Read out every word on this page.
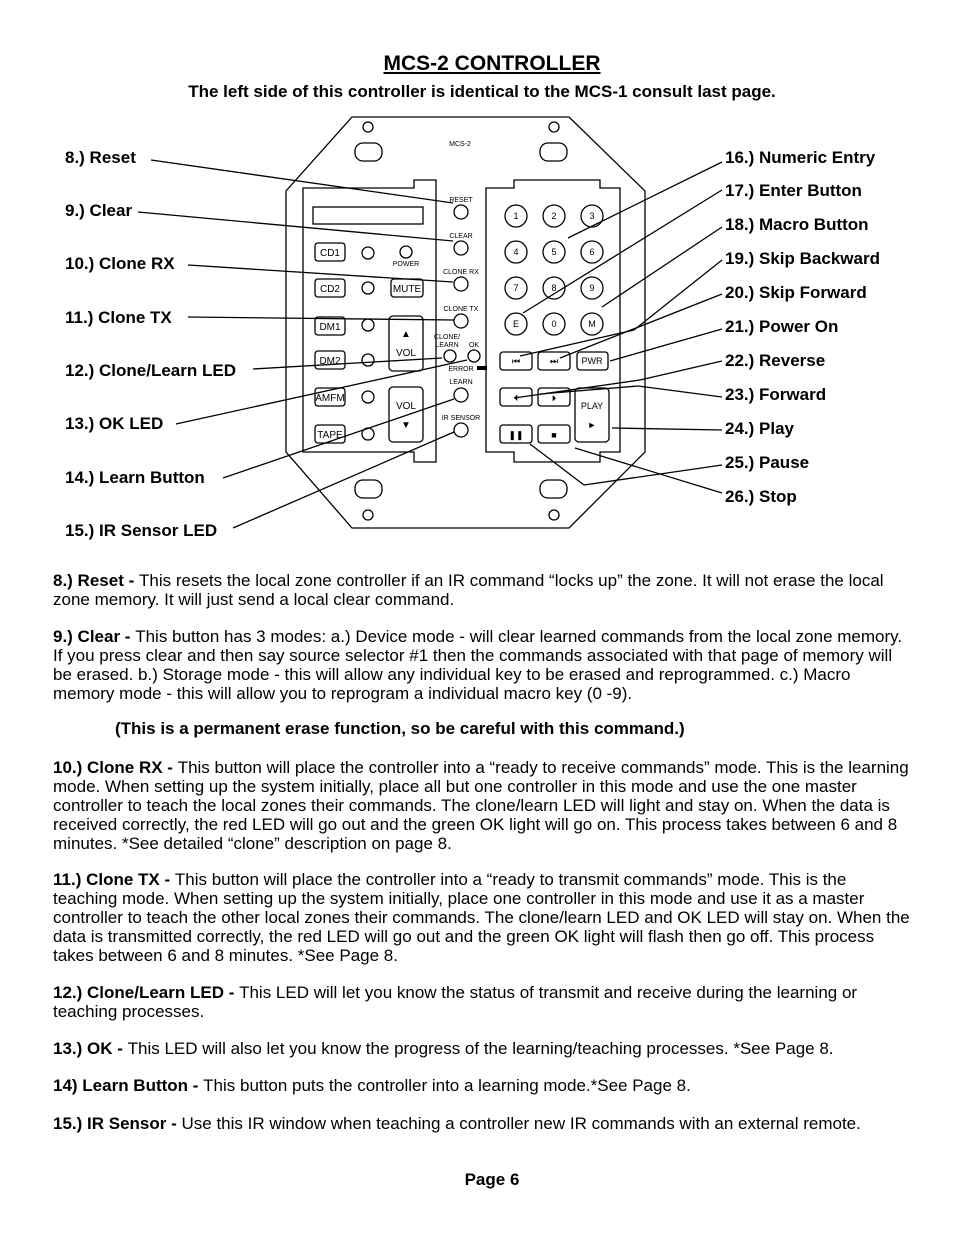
MCS-2 CONTROLLER
The left side of this controller is identical to the MCS-1 consult last page.
8.) Reset
9.) Clear
10.) Clone RX
11.) Clone TX
12.) Clone/Learn LED
13.) OK LED
14.) Learn Button
15.) IR Sensor LED
16.) Numeric Entry
17.) Enter Button
18.) Macro Button
19.) Skip Backward
20.) Skip Forward
21.) Power On
22.) Reverse
23.) Forward
24.) Play
25.) Pause
26.) Stop
MCS-2
RESET
CLEAR
CLONE RX
CLONE TX
CLONE/
LEARN OK
ERROR
LEARN
IR SENSOR
POWER
CD1
CD2
DM1
DM2
AMFM
TAPE
MUTE
▲
VOL
VOL
▼
1	2	3
4	5	6
7	8	9
E	0	M
⏮	⏭	PWR
⏴	⏵
PLAY
►
❚❚	■
8.) Reset - This resets the local zone controller if an IR command “locks up” the zone. It will not erase the local zone memory. It will just send a local clear command.
9.) Clear - This button has 3 modes: a.) Device mode - will clear learned commands from the local zone memory. If you press clear and then say source selector #1 then the commands associated with that page of memory will be erased. b.) Storage mode - this will allow any individual key to be erased and reprogrammed. c.) Macro memory mode - this will allow you to reprogram a individual macro key (0 -9).
(This is a permanent erase function, so be careful with this command.)
10.) Clone RX - This button will place the controller into a “ready to receive commands” mode. This is the learning mode. When setting up the system initially, place all but one controller in this mode and use the one master controller to teach the local zones their commands. The clone/learn LED will light and stay on. When the data is received correctly, the red LED will go out and the green OK light will go on. This process takes between 6 and 8 minutes. *See detailed “clone” description on page 8.
11.) Clone TX - This button will place the controller into a “ready to transmit commands” mode. This is the teaching mode. When setting up the system initially, place one controller in this mode and use it as a master controller to teach the other local zones their commands. The clone/learn LED and OK LED will stay on. When the data is transmitted correctly, the red LED will go out and the green OK light will flash then go off. This process takes between 6 and 8 minutes. *See Page 8.
12.) Clone/Learn LED - This LED will let you know the status of transmit and receive during the learning or teaching processes.
13.) OK - This LED will also let you know the progress of the learning/teaching processes. *See Page 8.
14) Learn Button - This button puts the controller into a learning mode.*See Page 8.
15.) IR Sensor - Use this IR window when teaching a controller new IR commands with an external remote.
Page 6
